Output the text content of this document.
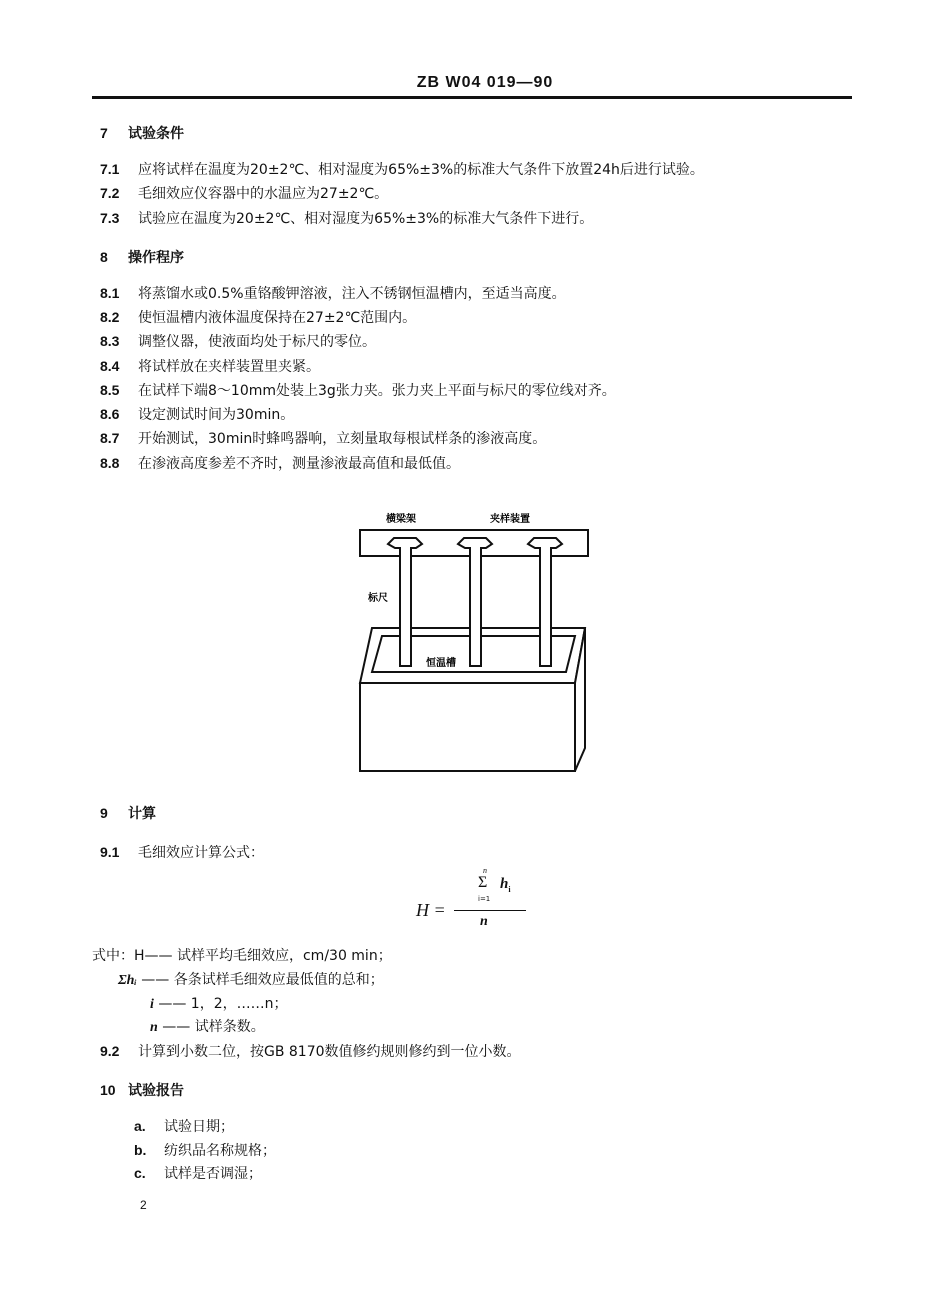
ZB W04 019—90
7 试验条件
7.1 应将试样在温度为20±2℃、相对湿度为65%±3%的标准大气条件下放置24h后进行试验。
7.2 毛细效应仪容器中的水温应为27±2℃。
7.3 试验应在温度为20±2℃、相对湿度为65%±3%的标准大气条件下进行。
8 操作程序
8.1 将蒸馏水或0.5%重铬酸钾溶液，注入不锈钢恒温槽内，至适当高度。
8.2 使恒温槽内液体温度保持在27±2℃范围内。
8.3 调整仪器，使液面均处于标尺的零位。
8.4 将试样放在夹样装置里夹紧。
8.5 在试样下端8～10mm处装上3g张力夹。张力夹上平面与标尺的零位线对齐。
8.6 设定测试时间为30min。
8.7 开始测试，30min时蜂鸣器响，立刻量取每根试样条的渗液高度。
8.8 在渗液高度参差不齐时，测量渗液最高值和最低值。
横梁架	夹样装置
标尺
恒温槽
9 计算
9.1 毛细效应计算公式：
H =
n
Σ
i=1
$h_i$
n
式中：H—— 试样平均毛细效应，cm/30 min；
Σhᵢ —— 各条试样毛细效应最低值的总和；
i —— 1，2，……n；
n —— 试样条数。
9.2 计算到小数二位，按GB 8170数值修约规则修约到一位小数。
10 试验报告
a. 试验日期；
b. 纺织品名称规格；
c. 试样是否调湿；
2
